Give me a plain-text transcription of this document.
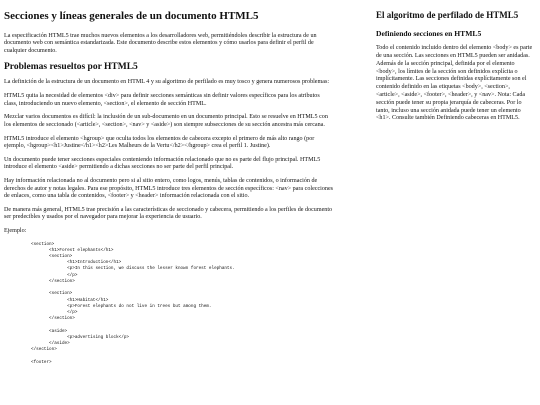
Secciones y líneas generales de un documento HTML5

La especificación HTML5 trae muchos nuevos elementos a los desarrolladores web, permitiéndoles describir la estructura de un documento web con semántica estandarizada. Este documento describe estos elementos y cómo usarlos para definir el perfil de cualquier documento.

Problemas resueltos por HTML5

La definición de la estructura de un documento en HTML 4 y su algoritmo de perfilado es muy tosco y genera numerosos problemas:

HTML5 quita la necesidad de elementos <div> para definir secciones semánticas sin definir valores específicos para los atributos class, introduciendo un nuevo elemento, <section>, el elemento de sección HTML.

Mezclar varios documentos es difícil: la inclusión de un sub-documento en un documento principal. Esto se resuelve en HTML5 con los elementos de seccionado (<article>, <section>, <nav> y <aside>) son siempre subsecciones de su sección ancestra más cercana.

HTML5 introduce el elemento <hgroup> que oculta todos los elementos de cabecera excepto el primero de más alto rango (por ejemplo, <hgroup><h1>Justine</h1><h2>Les Malheurs de la Vertu</h2></hgroup> crea el perfil 1. Justine).

Un documento puede tener secciones especiales conteniendo información relacionado que no es parte del flujo principal. HTML5 introduce el elemento <aside> permitiendo a dichas secciones no ser parte del perfil principal.

Hay información relacionada no al documento pero si al sitio entero, como logos, menús, tablas de contenidos, o información de derechos de autor y notas legales. Para ese propósito, HTML5 introduce tres elementos de sección específicos: <nav> para colecciones de enlaces, como una tabla de contenidos, <footer> y <header> información relacionada con el sitio.

De manera más general, HTML5 trae precisión a las características de seccionado y cabecera, permitiendo a los perfiles de documento ser predecibles y usados por el navegador para mejorar la experiencia de usuario.

Ejemplo:

<section>
<h1>Forest elephants</h1>
<section>
<h1>Introduction</h1>
<p>In this section, we discuss the lesser known forest elephants.
</p>
</section>

<section>
<h1>Habitat</h1>
<p>Forest elephants do not live in trees but among them.
</p>
</section>

<aside>
<p>advertising block</p>
</aside>
</section>

<footer>
El algoritmo de perfilado de HTML5
Definiendo secciones en HTML5

Todo el contenido incluido dentro del elemento <body> es parte de una sección. Las secciones en HTML5 pueden ser anidadas. Además de la sección principal, definida por el elemento <body>, los límites de la sección son definidos explícita o implícitamente. Las secciones definidas explícitamente son el contenido definido en las etiquetas <body>, <section>, <article>, <aside>, <footer>, <header>, y <nav>. Nota: Cada sección puede tener su propia jerarquía de cabeceras. Por lo tanto, incluso una sección anidada puede tener un elemento <h1>. Consulte también Definiendo cabeceras en HTML5.
